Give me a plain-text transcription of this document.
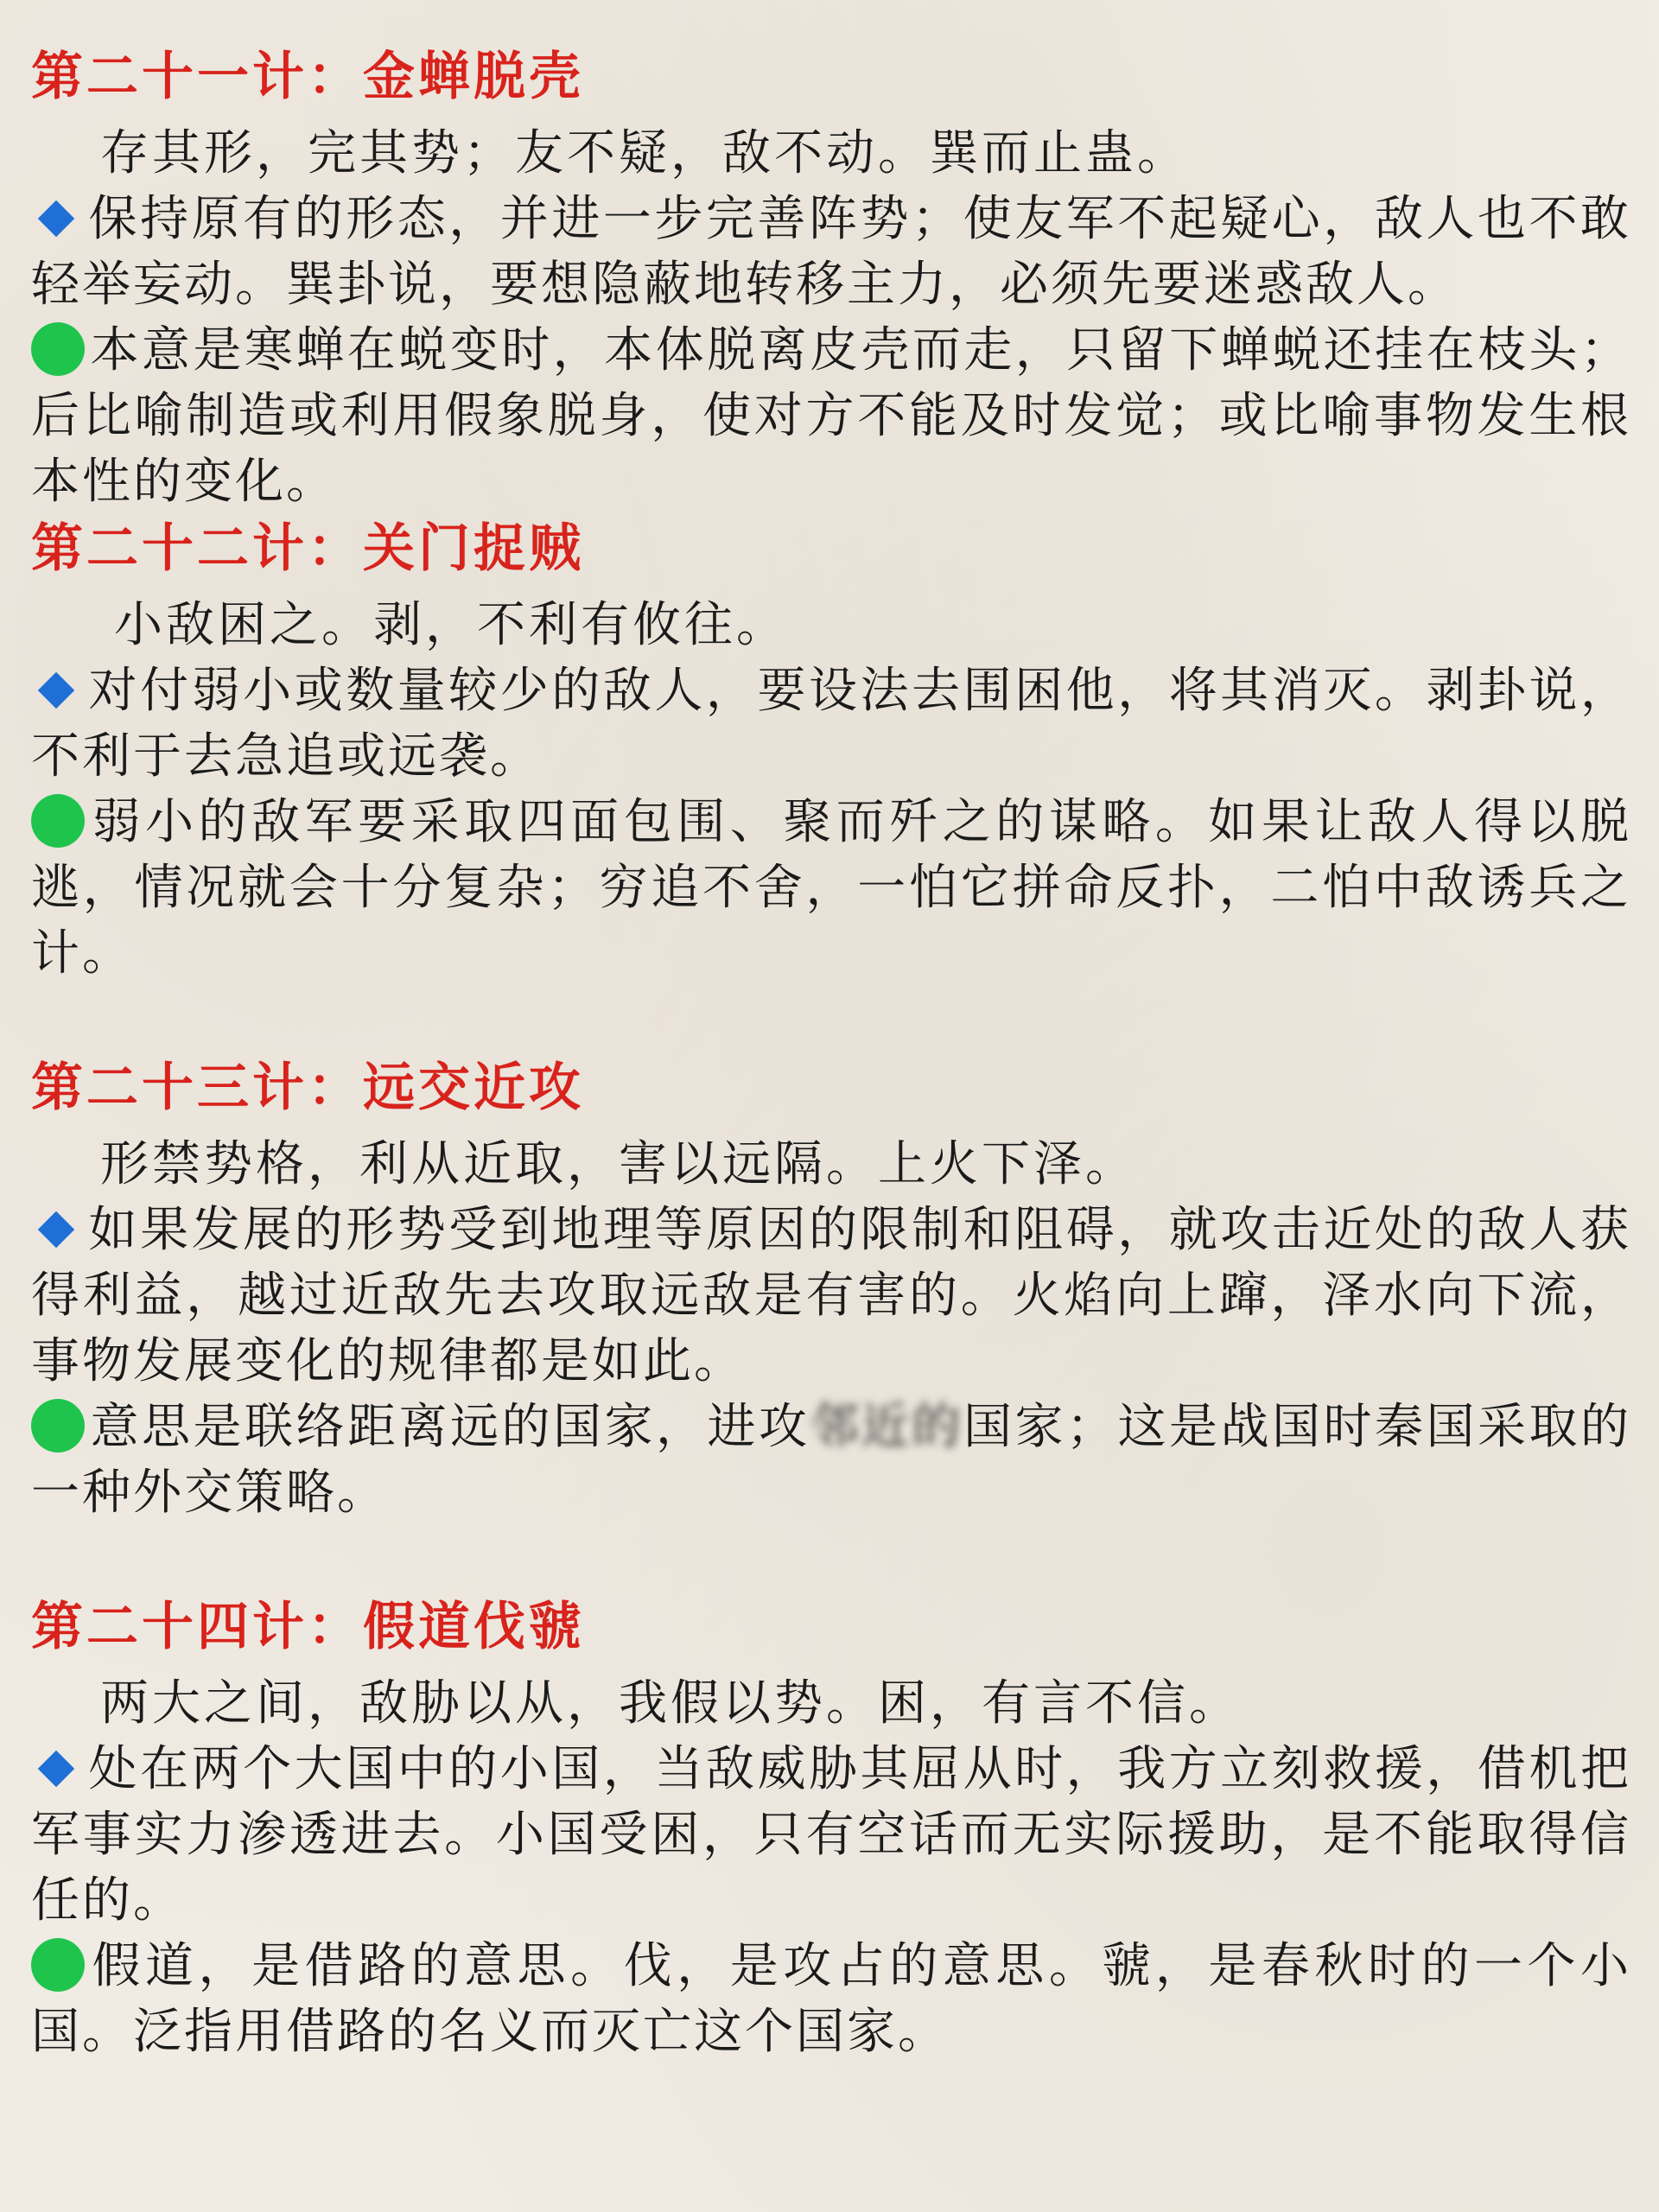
第二十一计：金蝉脱壳
存其形，完其势；友不疑，敌不动。巽而止蛊。
保持原有的形态，并进一步完善阵势；使友军不起疑心，敌人也不敢轻举妄动。巽卦说，要想隐蔽地转移主力，必须先要迷惑敌人。
本意是寒蝉在蜕变时，本体脱离皮壳而走，只留下蝉蜕还挂在枝头；后比喻制造或利用假象脱身，使对方不能及时发觉；或比喻事物发生根本性的变化。
第二十二计：关门捉贼
小敌困之。剥，不利有攸往。
对付弱小或数量较少的敌人，要设法去围困他，将其消灭。剥卦说，不利于去急追或远袭。
弱小的敌军要采取四面包围、聚而歼之的谋略。如果让敌人得以脱逃，情况就会十分复杂；穷追不舍，一怕它拼命反扑，二怕中敌诱兵之计。
第二十三计：远交近攻
形禁势格，利从近取，害以远隔。上火下泽。
如果发展的形势受到地理等原因的限制和阻碍，就攻击近处的敌人获得利益，越过近敌先去攻取远敌是有害的。火焰向上蹿，泽水向下流，事物发展变化的规律都是如此。
意思是联络距离远的国家，进攻邻近的国家；这是战国时秦国采取的一种外交策略。
第二十四计：假道伐虢
两大之间，敌胁以从，我假以势。困，有言不信。
处在两个大国中的小国，当敌威胁其屈从时，我方立刻救援，借机把军事实力渗透进去。小国受困，只有空话而无实际援助，是不能取得信任的。
假道，是借路的意思。伐，是攻占的意思。虢，是春秋时的一个小国。泛指用借路的名义而灭亡这个国家。
